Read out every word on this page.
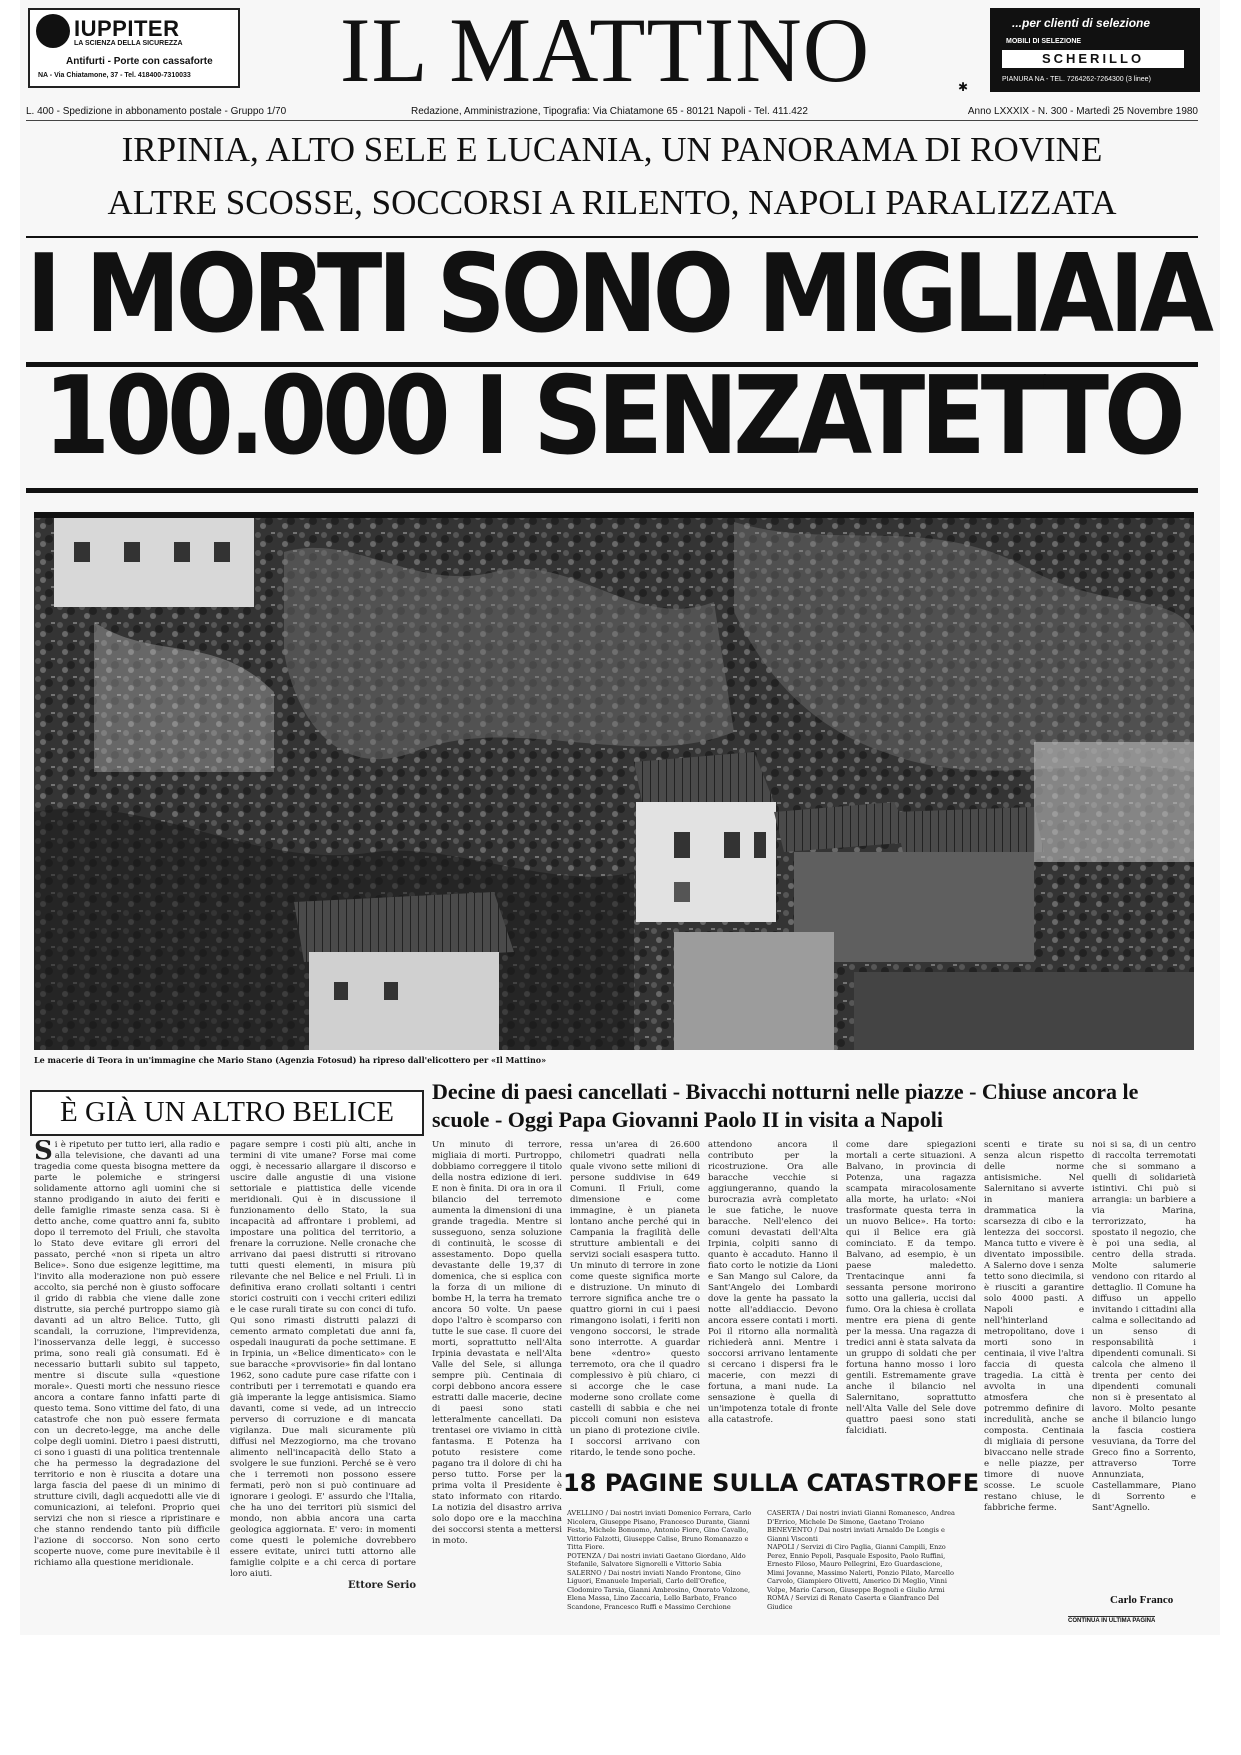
IUPPITER
LA SCIENZA DELLA SICUREZZA
Antifurti - Porte con cassaforte
NA - Via Chiatamone, 37 - Tel. 418400-7310033	IL MATTINO	✱
...per clienti di selezione
MOBILI DI SELEZIONE
SCHERILLO
PIANURA NA - TEL. 7264262-7264300 (3 linee)
L. 400 - Spedizione in abbonamento postale - Gruppo 1/70	Redazione, Amministrazione, Tipografia: Via Chiatamone 65 - 80121 Napoli - Tel. 411.422	Anno LXXXIX - N. 300 - Martedì 25 Novembre 1980
IRPINIA, ALTO SELE E LUCANIA, UN PANORAMA DI ROVINE
ALTRE SCOSSE, SOCCORSI A RILENTO, NAPOLI PARALIZZATA
I MORTI SONO MIGLIAIA
100.000 I SENZATETTO
Le macerie di Teora in un'immagine che Mario Stano (Agenzia Fotosud) ha ripreso dall'elicottero per «Il Mattino»
È GIÀ UN ALTRO BELICE
Decine di paesi cancellati - Bivacchi notturni nelle piazze - Chiuse ancora le scuole - Oggi Papa Giovanni Paolo II in visita a Napoli
Si è ripetuto per tutto ieri, alla radio e alla televisione, che davanti ad una tragedia come questa bisogna mettere da parte le polemiche e stringersi solidamente attorno agli uomini che si stanno prodigando in aiuto dei feriti e delle famiglie rimaste senza casa. Si è detto anche, come quattro anni fa, subito dopo il terremoto del Friuli, che stavolta lo Stato deve evitare gli errori del passato, perché «non si ripeta un altro Belice». Sono due esigenze legittime, ma l'invito alla moderazione non può essere accolto, sia perché non è giusto soffocare il grido di rabbia che viene dalle zone distrutte, sia perché purtroppo siamo già davanti ad un altro Belice. Tutto, gli scandali, la corruzione, l'imprevidenza, l'inosservanza delle leggi, è successo prima, sono reali già consumati. Ed è necessario buttarli subito sul tappeto, mentre si discute sulla «questione morale». Questi morti che nessuno riesce ancora a contare fanno infatti parte di questo tema. Sono vittime del fato, di una catastrofe che non può essere fermata con un decreto-legge, ma anche delle colpe degli uomini. Dietro i paesi distrutti, ci sono i guasti di una politica trentennale che ha permesso la degradazione del territorio e non è riuscita a dotare una larga fascia del paese di un minimo di strutture civili, dagli acquedotti alle vie di comunicazioni, ai telefoni. Proprio quei servizi che non si riesce a ripristinare e che stanno rendendo tanto più difficile l'azione di soccorso. Non sono certo scoperte nuove, come pure inevitabile è il richiamo alla questione meridionale.
pagare sempre i costi più alti, anche in termini di vite umane? Forse mai come oggi, è necessario allargare il discorso e uscire dalle angustie di una visione settoriale e piattistica delle vicende meridionali. Qui è in discussione il funzionamento dello Stato, la sua incapacità ad affrontare i problemi, ad impostare una politica del territorio, a frenare la corruzione. Nelle cronache che arrivano dai paesi distrutti si ritrovano tutti questi elementi, in misura più rilevante che nel Belice e nel Friuli. Lì in definitiva erano crollati soltanti i centri storici costruiti con i vecchi criteri edilizi e le case rurali tirate su con conci di tufo. Qui sono rimasti distrutti palazzi di cemento armato completati due anni fa, ospedali inaugurati da poche settimane. E in Irpinia, un «Belice dimenticato» con le sue baracche «provvisorie» fin dal lontano 1962, sono cadute pure case rifatte con i contributi per i terremotati e quando era già imperante la legge antisismica. Siamo davanti, come si vede, ad un intreccio perverso di corruzione e di mancata vigilanza. Due mali sicuramente più diffusi nel Mezzogiorno, ma che trovano alimento nell'incapacità dello Stato a svolgere le sue funzioni. Perché se è vero che i terremoti non possono essere fermati, però non si può continuare ad ignorare i geologi. E' assurdo che l'Italia, che ha uno dei territori più sismici del mondo, non abbia ancora una carta geologica aggiornata. E' vero: in momenti come questi le polemiche dovrebbero essere evitate, unirci tutti attorno alle famiglie colpite e a chi cerca di portare loro aiuti.
Ettore Serio
Un minuto di terrore, migliaia di morti. Purtroppo, dobbiamo correggere il titolo della nostra edizione di ieri. E non è finita. Di ora in ora il bilancio del terremoto aumenta la dimensioni di una grande tragedia. Mentre si susseguono, senza soluzione di continuità, le scosse di assestamento. Dopo quella devastante delle 19,37 di domenica, che si esplica con la forza di un milione di bombe H, la terra ha tremato ancora 50 volte. Un paese dopo l'altro è scomparso con tutte le sue case. Il cuore dei morti, soprattutto nell'Alta Irpinia devastata e nell'Alta Valle del Sele, si allunga sempre più. Centinaia di corpi debbono ancora essere estratti dalle macerie, decine di paesi sono stati letteralmente cancellati. Da trentasei ore viviamo in città fantasma. E Potenza ha potuto resistere come pagano tra il dolore di chi ha perso tutto. Forse per la prima volta il Presidente è stato informato con ritardo. La notizia del disastro arriva solo dopo ore e la macchina dei soccorsi stenta a mettersi in moto.
ressa un'area di 26.600 chilometri quadrati nella quale vivono sette milioni di persone suddivise in 649 Comuni. Il Friuli, come dimensione e come immagine, è un pianeta lontano anche perché qui in Campania la fragilità delle strutture ambientali e dei servizi sociali esaspera tutto. Un minuto di terrore in zone come queste significa morte e distruzione. Un minuto di terrore significa anche tre o quattro giorni in cui i paesi rimangono isolati, i feriti non vengono soccorsi, le strade sono interrotte. A guardar bene «dentro» questo terremoto, ora che il quadro complessivo è più chiaro, ci si accorge che le case moderne sono crollate come castelli di sabbia e che nei piccoli comuni non esisteva un piano di protezione civile. I soccorsi arrivano con ritardo, le tende sono poche.
attendono ancora il contributo per la ricostruzione. Ora alle baracche vecchie si aggiungeranno, quando la burocrazia avrà completato le sue fatiche, le nuove baracche. Nell'elenco dei comuni devastati dell'Alta Irpinia, colpiti sanno di quanto è accaduto. Hanno il fiato corto le notizie da Lioni e San Mango sul Calore, da Sant'Angelo dei Lombardi dove la gente ha passato la notte all'addiaccio. Devono ancora essere contati i morti. Poi il ritorno alla normalità richiederà anni. Mentre i soccorsi arrivano lentamente si cercano i dispersi fra le macerie, con mezzi di fortuna, a mani nude. La sensazione è quella di un'impotenza totale di fronte alla catastrofe.
come dare spiegazioni mortali a certe situazioni. A Balvano, in provincia di Potenza, una ragazza scampata miracolosamente alla morte, ha urlato: «Noi trasformate questa terra in un nuovo Belice». Ha torto: qui il Belice era già cominciato. E da tempo. Balvano, ad esempio, è un paese maledetto. Trentacinque anni fa sessanta persone morirono sotto una galleria, uccisi dal fumo. Ora la chiesa è crollata mentre era piena di gente per la messa. Una ragazza di tredici anni è stata salvata da un gruppo di soldati che per fortuna hanno mosso i loro gentili. Estremamente grave anche il bilancio nel Salernitano, soprattutto nell'Alta Valle del Sele dove quattro paesi sono stati falcidiati.
scenti e tirate su senza alcun rispetto delle norme antisismiche. Nel Salernitano si avverte in maniera drammatica la scarsezza di cibo e la lentezza dei soccorsi. Manca tutto e vivere è diventato impossibile. A Salerno dove i senza tetto sono diecimila, si è riusciti a garantire solo 4000 pasti. A Napoli e nell'hinterland metropolitano, dove i morti sono in centinaia, il vive l'altra faccia di questa tragedia. La città è avvolta in una atmosfera che potremmo definire di incredulità, anche se composta. Centinaia di migliaia di persone bivaccano nelle strade e nelle piazze, per timore di nuove scosse. Le scuole restano chiuse, le fabbriche ferme.
noi si sa, di un centro di raccolta terremotati che si sommano a quelli di solidarietà istintivi. Chi può si arrangia: un barbiere a via Marina, terrorizzato, ha spostato il negozio, che è poi una sedia, al centro della strada. Molte salumerie vendono con ritardo al dettaglio. Il Comune ha diffuso un appello invitando i cittadini alla calma e sollecitando ad un senso di responsabilità i dipendenti comunali. Si calcola che almeno il trenta per cento dei dipendenti comunali non si è presentato al lavoro. Molto pesante anche il bilancio lungo la fascia costiera vesuviana, da Torre del Greco fino a Sorrento, attraverso Torre Annunziata, Castellammare, Piano di Sorrento e Sant'Agnello.
18 PAGINE SULLA CATASTROFE
AVELLINO / Dai nostri inviati Domenico Ferrara, Carlo Nicolera, Giuseppe Pisano, Francesco Durante, Gianni Festa, Michele Bonuomo, Antonio Fiore, Gino Cavallo, Vittorio Falzotti, Giuseppe Calise, Bruno Romanazzo e Titta Fiore.
POTENZA / Dai nostri inviati Gaetano Giordano, Aldo Stefanile, Salvatore Signorelli e Vittorio Sabia
SALERNO / Dai nostri inviati Nando Frontone, Gino Liguori, Emanuele Imperiali, Carlo dell'Orefice, Clodomiro Tarsia, Gianni Ambrosino, Onorato Volzone, Elena Massa, Lino Zaccaria, Lello Barbato, Franco Scandone, Francesco Ruffi e Massimo Cerchione
CASERTA / Dai nostri inviati Gianni Romanesco, Andrea D'Errico, Michele De Simone, Gaetano Troiano
BENEVENTO / Dai nostri inviati Arnaldo De Longis e Gianni Visconti
NAPOLI / Servizi di Ciro Paglia, Gianni Campili, Enzo Perez, Ennio Pepoli, Pasquale Esposito, Paolo Ruffini, Ernesto Filoso, Mauro Pellegrini, Ezo Guardascione, Mimi Jovanne, Massimo Nalerti, Ponzio Pilato, Marcello Carvolo, Giampiero Olivetti, Americo Di Meglio, Vinni Volpe, Mario Carson, Giuseppe Bognoli e Giulio Armi
ROMA / Servizi di Renato Caserta e Gianfranco Del Giudice
Carlo Franco
CONTINUA IN ULTIMA PAGINA
